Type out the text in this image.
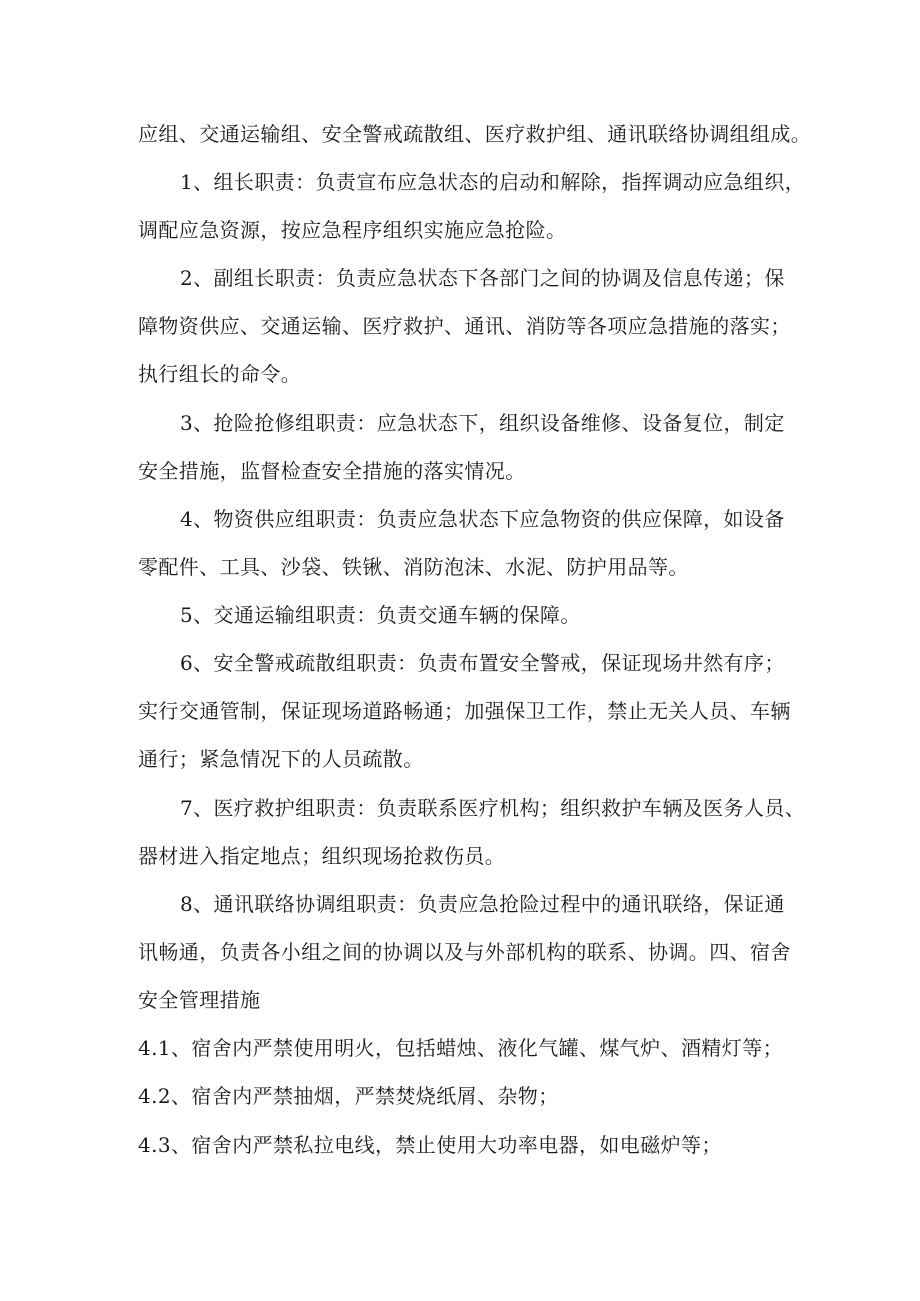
应组、交通运输组、安全警戒疏散组、医疗救护组、通讯联络协调组组成。
1、组长职责：负责宣布应急状态的启动和解除，指挥调动应急组织，
调配应急资源，按应急程序组织实施应急抢险。
2、副组长职责：负责应急状态下各部门之间的协调及信息传递；保
障物资供应、交通运输、医疗救护、通讯、消防等各项应急措施的落实；
执行组长的命令。
3、抢险抢修组职责：应急状态下，组织设备维修、设备复位，制定
安全措施，监督检查安全措施的落实情况。
4、物资供应组职责：负责应急状态下应急物资的供应保障，如设备
零配件、工具、沙袋、铁锹、消防泡沫、水泥、防护用品等。
5、交通运输组职责：负责交通车辆的保障。
6、安全警戒疏散组职责：负责布置安全警戒，保证现场井然有序；
实行交通管制，保证现场道路畅通；加强保卫工作，禁止无关人员、车辆
通行；紧急情况下的人员疏散。
7、医疗救护组职责：负责联系医疗机构；组织救护车辆及医务人员、
器材进入指定地点；组织现场抢救伤员。
8、通讯联络协调组职责：负责应急抢险过程中的通讯联络，保证通
讯畅通，负责各小组之间的协调以及与外部机构的联系、协调。四、宿舍
安全管理措施
4.1、宿舍内严禁使用明火，包括蜡烛、液化气罐、煤气炉、酒精灯等；
4.2、宿舍内严禁抽烟，严禁焚烧纸屑、杂物；
4.3、宿舍内严禁私拉电线，禁止使用大功率电器，如电磁炉等；
